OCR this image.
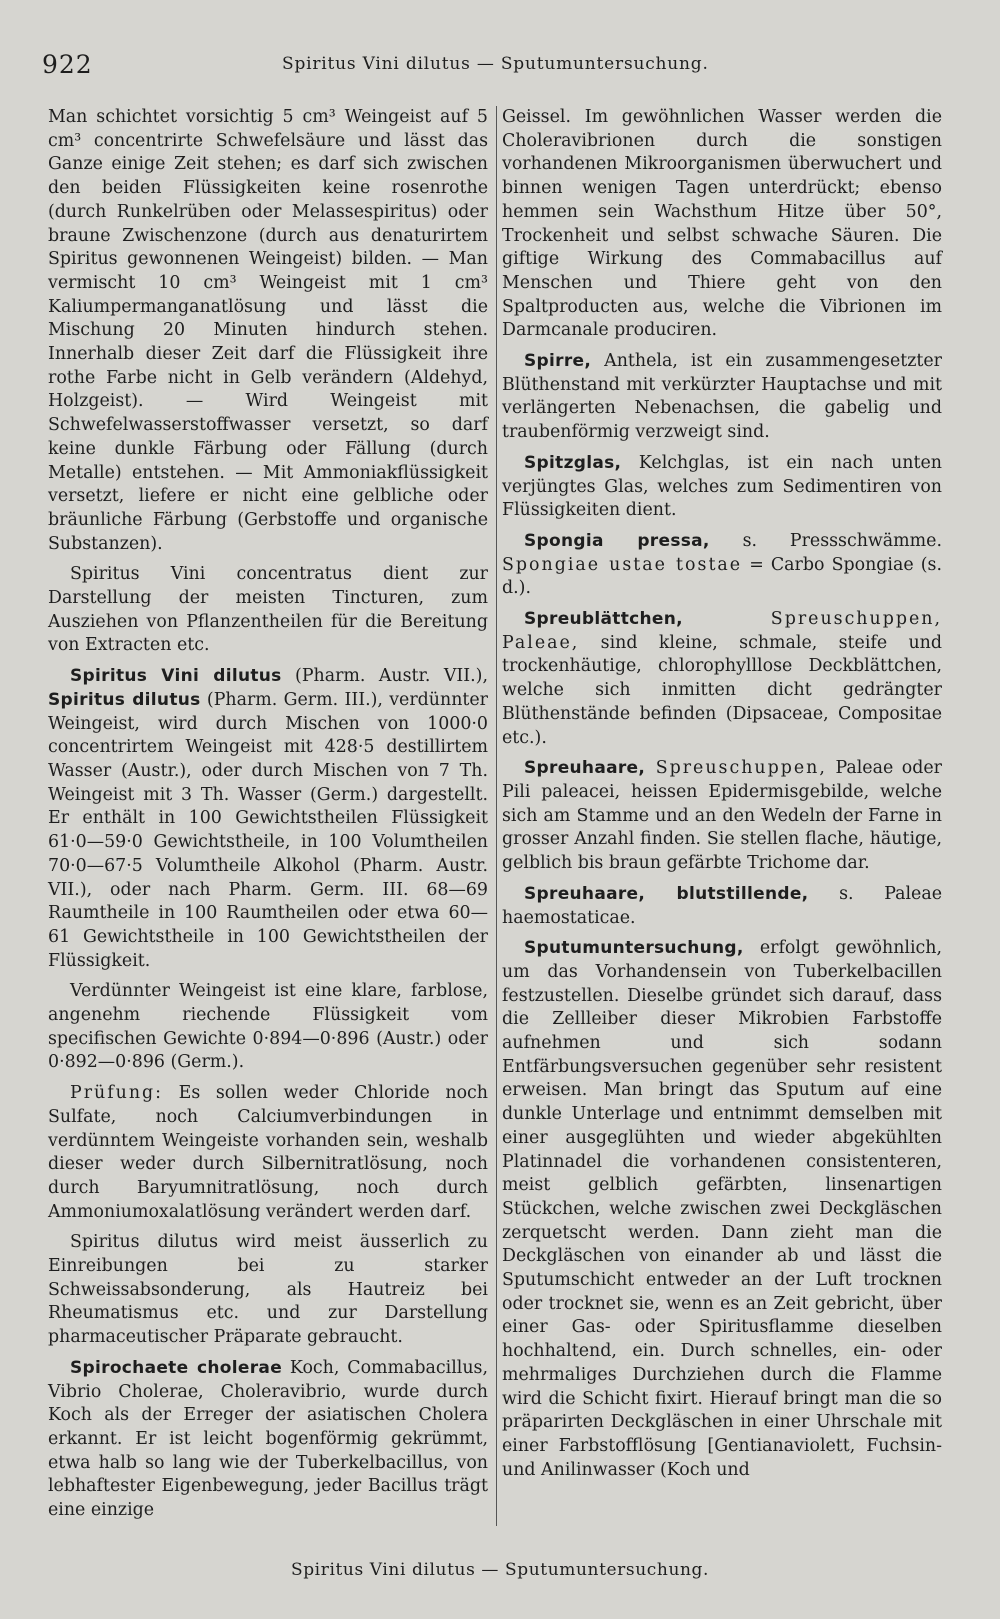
922	Spiritus Vini dilutus — Sputumuntersuchung.

Man schichtet vorsichtig 5 cm³ Weingeist auf 5 cm³ concentrirte Schwefelsäure und lässt das Ganze einige Zeit stehen; es darf sich zwischen den beiden Flüssigkeiten keine rosenrothe (durch Runkelrüben oder Melassespiritus) oder braune Zwischenzone (durch aus denaturirtem Spiritus gewonnenen Weingeist) bilden. — Man vermischt 10 cm³ Weingeist mit 1 cm³ Kaliumpermanganatlösung und lässt die Mischung 20 Minuten hindurch stehen. Innerhalb dieser Zeit darf die Flüssigkeit ihre rothe Farbe nicht in Gelb verändern (Aldehyd, Holzgeist). — Wird Weingeist mit Schwefelwasserstoffwasser versetzt, so darf keine dunkle Färbung oder Fällung (durch Metalle) entstehen. — Mit Ammoniakflüssigkeit versetzt, liefere er nicht eine gelbliche oder bräunliche Färbung (Gerbstoffe und organische Substanzen).

Spiritus Vini concentratus dient zur Darstellung der meisten Tincturen, zum Ausziehen von Pflanzentheilen für die Bereitung von Extracten etc.

Spiritus Vini dilutus (Pharm. Austr. VII.), Spiritus dilutus (Pharm. Germ. III.), verdünnter Weingeist, wird durch Mischen von 1000·0 concentrirtem Weingeist mit 428·5 destillirtem Wasser (Austr.), oder durch Mischen von 7 Th. Weingeist mit 3 Th. Wasser (Germ.) dargestellt. Er enthält in 100 Gewichtstheilen Flüssigkeit 61·0—59·0 Gewichtstheile, in 100 Volumtheilen 70·0—67·5 Volumtheile Alkohol (Pharm. Austr. VII.), oder nach Pharm. Germ. III. 68—69 Raumtheile in 100 Raumtheilen oder etwa 60—61 Gewichtstheile in 100 Gewichtstheilen der Flüssigkeit.

Verdünnter Weingeist ist eine klare, farblose, angenehm riechende Flüssigkeit vom specifischen Gewichte 0·894—0·896 (Austr.) oder 0·892—0·896 (Germ.).

Prüfung: Es sollen weder Chloride noch Sulfate, noch Calciumverbindungen in verdünntem Weingeiste vorhanden sein, weshalb dieser weder durch Silbernitratlösung, noch durch Baryumnitratlösung, noch durch Ammoniumoxalatlösung verändert werden darf.

Spiritus dilutus wird meist äusserlich zu Einreibungen bei zu starker Schweissabsonderung, als Hautreiz bei Rheumatismus etc. und zur Darstellung pharmaceutischer Präparate gebraucht.

Spirochaete cholerae Koch, Commabacillus, Vibrio Cholerae, Choleravibrio, wurde durch Koch als der Erreger der asiatischen Cholera erkannt. Er ist leicht bogenförmig gekrümmt, etwa halb so lang wie der Tuberkelbacillus, von lebhaftester Eigenbewegung, jeder Bacillus trägt eine einzige

Geissel. Im gewöhnlichen Wasser werden die Choleravibrionen durch die sonstigen vorhandenen Mikroorganismen überwuchert und binnen wenigen Tagen unterdrückt; ebenso hemmen sein Wachsthum Hitze über 50°, Trockenheit und selbst schwache Säuren. Die giftige Wirkung des Commabacillus auf Menschen und Thiere geht von den Spaltproducten aus, welche die Vibrionen im Darmcanale produciren.

Spirre, Anthela, ist ein zusammengesetzter Blüthenstand mit verkürzter Hauptachse und mit verlängerten Nebenachsen, die gabelig und traubenförmig verzweigt sind.

Spitzglas, Kelchglas, ist ein nach unten verjüngtes Glas, welches zum Sedimentiren von Flüssigkeiten dient.

Spongia pressa, s. Pressschwämme. Spongiae ustae tostae = Carbo Spongiae (s. d.).

Spreublättchen, Spreuschuppen, Paleae, sind kleine, schmale, steife und trockenhäutige, chlorophylllose Deckblättchen, welche sich inmitten dicht gedrängter Blüthenstände befinden (Dipsaceae, Compositae etc.).

Spreuhaare, Spreuschuppen, Paleae oder Pili paleacei, heissen Epidermisgebilde, welche sich am Stamme und an den Wedeln der Farne in grosser Anzahl finden. Sie stellen flache, häutige, gelblich bis braun gefärbte Trichome dar.

Spreuhaare, blutstillende, s. Paleae haemostaticae.

Sputumuntersuchung, erfolgt gewöhnlich, um das Vorhandensein von Tuberkelbacillen festzustellen. Dieselbe gründet sich darauf, dass die Zellleiber dieser Mikrobien Farbstoffe aufnehmen und sich sodann Entfärbungsversuchen gegenüber sehr resistent erweisen. Man bringt das Sputum auf eine dunkle Unterlage und entnimmt demselben mit einer ausgeglühten und wieder abgekühlten Platinnadel die vorhandenen consistenteren, meist gelblich gefärbten, linsenartigen Stückchen, welche zwischen zwei Deckgläschen zerquetscht werden. Dann zieht man die Deckgläschen von einander ab und lässt die Sputumschicht entweder an der Luft trocknen oder trocknet sie, wenn es an Zeit gebricht, über einer Gas- oder Spiritusflamme dieselben hochhaltend, ein. Durch schnelles, ein- oder mehrmaliges Durchziehen durch die Flamme wird die Schicht fixirt. Hierauf bringt man die so präparirten Deckgläschen in einer Uhrschale mit einer Farbstofflösung [Gentianaviolett, Fuchsin- und Anilinwasser (Koch und

Spiritus Vini dilutus — Sputumuntersuchung.
